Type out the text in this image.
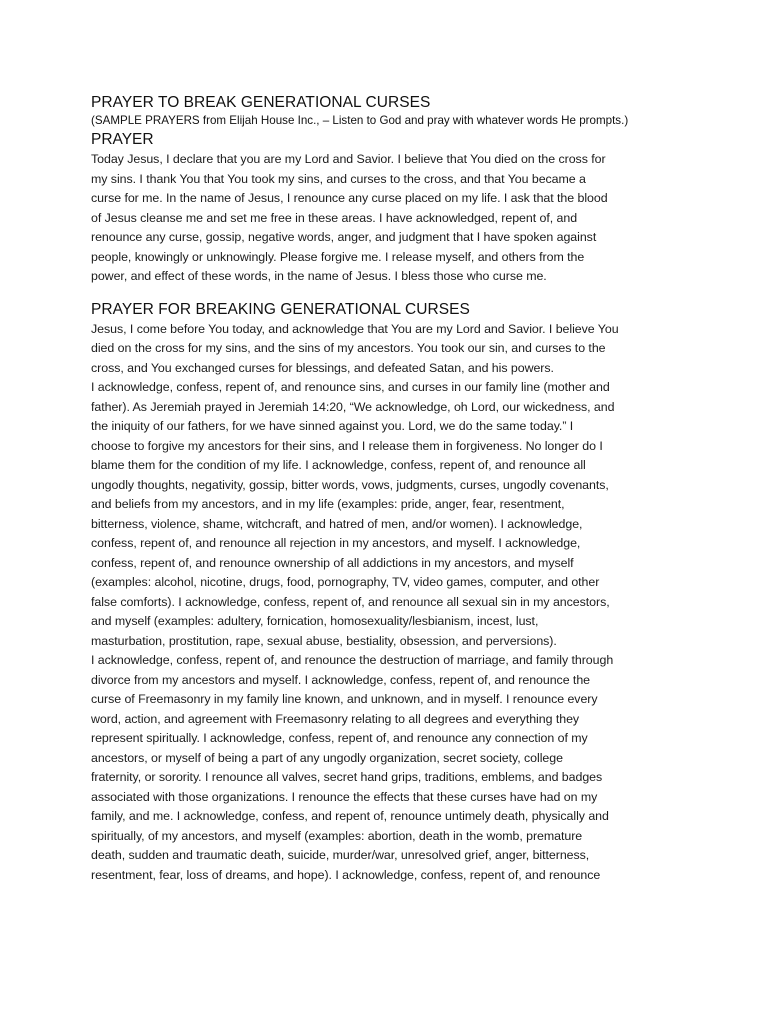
PRAYER TO BREAK GENERATIONAL CURSES
(SAMPLE PRAYERS from Elijah House Inc., – Listen to God and pray with whatever words He prompts.)
PRAYER
Today Jesus, I declare that you are my Lord and Savior. I believe that You died on the cross for
my sins. I thank You that You took my sins, and curses to the cross, and that You became a
curse for me. In the name of Jesus, I renounce any curse placed on my life. I ask that the blood
of Jesus cleanse me and set me free in these areas. I have acknowledged, repent of, and
renounce any curse, gossip, negative words, anger, and judgment that I have spoken against
people, knowingly or unknowingly. Please forgive me. I release myself, and others from the
power, and effect of these words, in the name of Jesus. I bless those who curse me.
PRAYER FOR BREAKING GENERATIONAL CURSES
Jesus, I come before You today, and acknowledge that You are my Lord and Savior. I believe You
died on the cross for my sins, and the sins of my ancestors. You took our sin, and curses to the
cross, and You exchanged curses for blessings, and defeated Satan, and his powers.
I acknowledge, confess, repent of, and renounce sins, and curses in our family line (mother and
father). As Jeremiah prayed in Jeremiah 14:20, “We acknowledge, oh Lord, our wickedness, and
the iniquity of our fathers, for we have sinned against you. Lord, we do the same today.” I
choose to forgive my ancestors for their sins, and I release them in forgiveness. No longer do I
blame them for the condition of my life. I acknowledge, confess, repent of, and renounce all
ungodly thoughts, negativity, gossip, bitter words, vows, judgments, curses, ungodly covenants,
and beliefs from my ancestors, and in my life (examples: pride, anger, fear, resentment,
bitterness, violence, shame, witchcraft, and hatred of men, and/or women). I acknowledge,
confess, repent of, and renounce all rejection in my ancestors, and myself. I acknowledge,
confess, repent of, and renounce ownership of all addictions in my ancestors, and myself
(examples: alcohol, nicotine, drugs, food, pornography, TV, video games, computer, and other
false comforts). I acknowledge, confess, repent of, and renounce all sexual sin in my ancestors,
and myself (examples: adultery, fornication, homosexuality/lesbianism, incest, lust,
masturbation, prostitution, rape, sexual abuse, bestiality, obsession, and perversions).
I acknowledge, confess, repent of, and renounce the destruction of marriage, and family through
divorce from my ancestors and myself. I acknowledge, confess, repent of, and renounce the
curse of Freemasonry in my family line known, and unknown, and in myself. I renounce every
word, action, and agreement with Freemasonry relating to all degrees and everything they
represent spiritually. I acknowledge, confess, repent of, and renounce any connection of my
ancestors, or myself of being a part of any ungodly organization, secret society, college
fraternity, or sorority. I renounce all valves, secret hand grips, traditions, emblems, and badges
associated with those organizations. I renounce the effects that these curses have had on my
family, and me. I acknowledge, confess, and repent of, renounce untimely death, physically and
spiritually, of my ancestors, and myself (examples: abortion, death in the womb, premature
death, sudden and traumatic death, suicide, murder/war, unresolved grief, anger, bitterness,
resentment, fear, loss of dreams, and hope). I acknowledge, confess, repent of, and renounce
